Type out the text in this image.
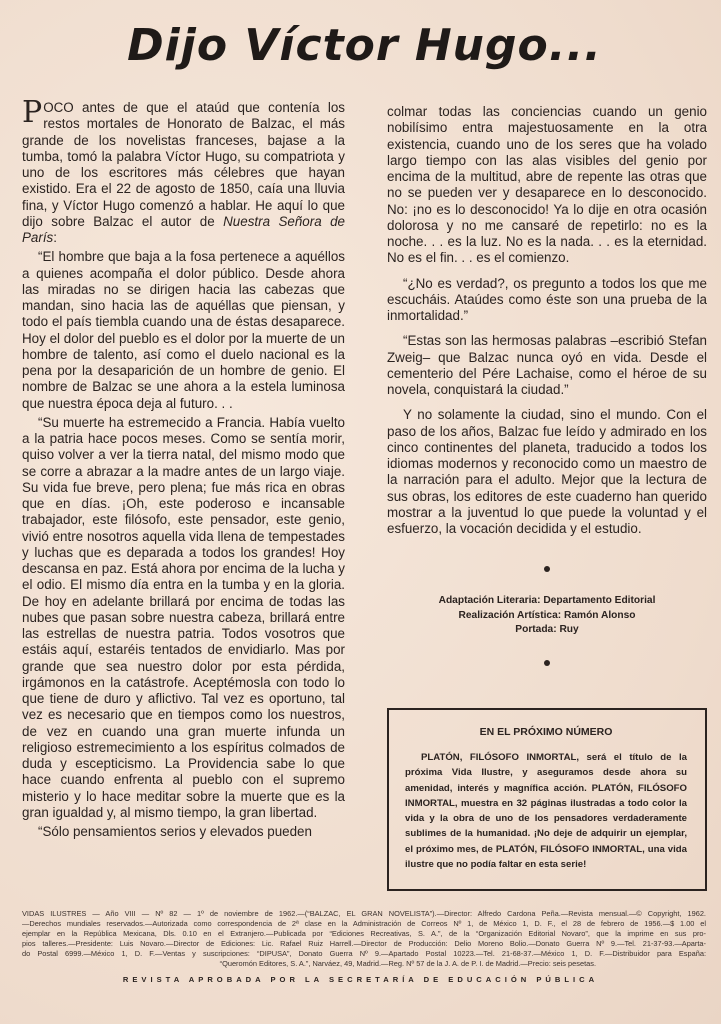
Dijo Víctor Hugo...

POCO antes de que el ataúd que contenía los restos mortales de Honorato de Balzac, el más grande de los novelistas franceses, bajase a la tumba, tomó la palabra Víctor Hugo, su compatriota y uno de los escritores más célebres que hayan existido. Era el 22 de agosto de 1850, caía una lluvia fina, y Víctor Hugo comenzó a hablar. He aquí lo que dijo sobre Balzac el autor de Nuestra Señora de París:

“El hombre que baja a la fosa pertenece a aquéllos a quienes acompaña el dolor público. Desde ahora las miradas no se dirigen hacia las cabezas que mandan, sino hacia las de aquéllas que piensan, y todo el país tiembla cuando una de éstas desaparece. Hoy el dolor del pueblo es el dolor por la muerte de un hombre de talento, así como el duelo nacional es la pena por la desaparición de un hombre de genio. El nombre de Balzac se une ahora a la estela luminosa que nuestra época deja al futuro. . .

“Su muerte ha estremecido a Francia. Había vuelto a la patria hace pocos meses. Como se sentía morir, quiso volver a ver la tierra natal, del mismo modo que se corre a abrazar a la madre antes de un largo viaje. Su vida fue breve, pero plena; fue más rica en obras que en días. ¡Oh, este poderoso e incansable trabajador, este filósofo, este pensador, este genio, vivió entre nosotros aquella vida llena de tempestades y luchas que es deparada a todos los grandes! Hoy descansa en paz. Está ahora por encima de la lucha y el odio. El mismo día entra en la tumba y en la gloria. De hoy en adelante brillará por encima de todas las nubes que pasan sobre nuestra cabeza, brillará entre las estrellas de nuestra patria. Todos vosotros que estáis aquí, estaréis tentados de envidiarlo. Mas por grande que sea nuestro dolor por esta pérdida, irgámonos en la catástrofe. Aceptémosla con todo lo que tiene de duro y aflictivo. Tal vez es oportuno, tal vez es necesario que en tiempos como los nuestros, de vez en cuando una gran muerte infunda un religioso estremecimiento a los espíritus colmados de duda y escepticismo. La Providencia sabe lo que hace cuando enfrenta al pueblo con el supremo misterio y lo hace meditar sobre la muerte que es la gran igualdad y, al mismo tiempo, la gran libertad.

“Sólo pensamientos serios y elevados pueden

colmar todas las conciencias cuando un genio nobilísimo entra majestuosamente en la otra existencia, cuando uno de los seres que ha volado largo tiempo con las alas visibles del genio por encima de la multitud, abre de repente las otras que no se pueden ver y desaparece en lo desconocido. No: ¡no es lo desconocido! Ya lo dije en otra ocasión dolorosa y no me cansaré de repetirlo: no es la noche. . . es la luz. No es la nada. . . es la eternidad. No es el fin. . . es el comienzo.

“¿No es verdad?, os pregunto a todos los que me escucháis. Ataúdes como éste son una prueba de la inmortalidad.”

“Estas son las hermosas palabras –escribió Stefan Zweig– que Balzac nunca oyó en vida. Desde el cementerio del Pére Lachaise, como el héroe de su novela, conquistará la ciudad.”

Y no solamente la ciudad, sino el mundo. Con el paso de los años, Balzac fue leído y admirado en los cinco continentes del planeta, traducido a todos los idiomas modernos y reconocido como un maestro de la narración para el adulto. Mejor que la lectura de sus obras, los editores de este cuaderno han querido mostrar a la juventud lo que puede la voluntad y el esfuerzo, la vocación decidida y el estudio.

Adaptación Literaria: Departamento Editorial
Realización Artística: Ramón Alonso
Portada: Ruy
EN EL PRÓXIMO NÚMERO

PLATÓN, FILÓSOFO INMORTAL, será el título de la próxima Vida Ilustre, y aseguramos desde ahora su amenidad, interés y magnífica acción. PLATÓN, FILÓSOFO INMORTAL, muestra en 32 páginas ilustradas a todo color la vida y la obra de uno de los pensadores verdaderamente sublimes de la humanidad. ¡No deje de adquirir un ejemplar, el próximo mes, de PLATÓN, FILÓSOFO INMORTAL, una vida ilustre que no podía faltar en esta serie!

VIDAS ILUSTRES — Año VIII — Nº 82 — 1º de noviembre de 1962.—(“BALZAC, EL GRAN NOVELISTA”).—Director: Alfredo Cardona Peña.—Revista mensual.—© Copyright, 1962.
—Derechos mundiales reservados.—Autorizada como correspondencia de 2ª clase en la Administración de Correos Nº 1, de México 1, D. F., el 28 de febrero de 1956.—$ 1.00 el
ejemplar en la República Mexicana, Dls. 0.10 en el Extranjero.—Publicada por “Ediciones Recreativas, S. A.”, de la “Organización Editorial Novaro”, que la imprime en sus pro-
pios talleres.—Presidente: Luis Novaro.—Director de Ediciones: Lic. Rafael Ruiz Harrell.—Director de Producción: Delio Moreno Bolio.—Donato Guerra Nº 9.—Tel. 21-37-93.—Aparta-
do Postal 6999.—México 1, D. F.—Ventas y suscripciones: “DIPUSA”, Donato Guerra Nº 9.—Apartado Postal 10223.—Tel. 21-68-37.—México 1, D. F.—Distribuidor para España:
“Queromón Editores, S. A.”, Narváez, 49, Madrid.—Reg. Nº 57 de la J. A. de P. I. de Madrid.—Precio: seis pesetas.
REVISTA APROBADA POR LA SECRETARÍA DE EDUCACIÓN PÚBLICA
